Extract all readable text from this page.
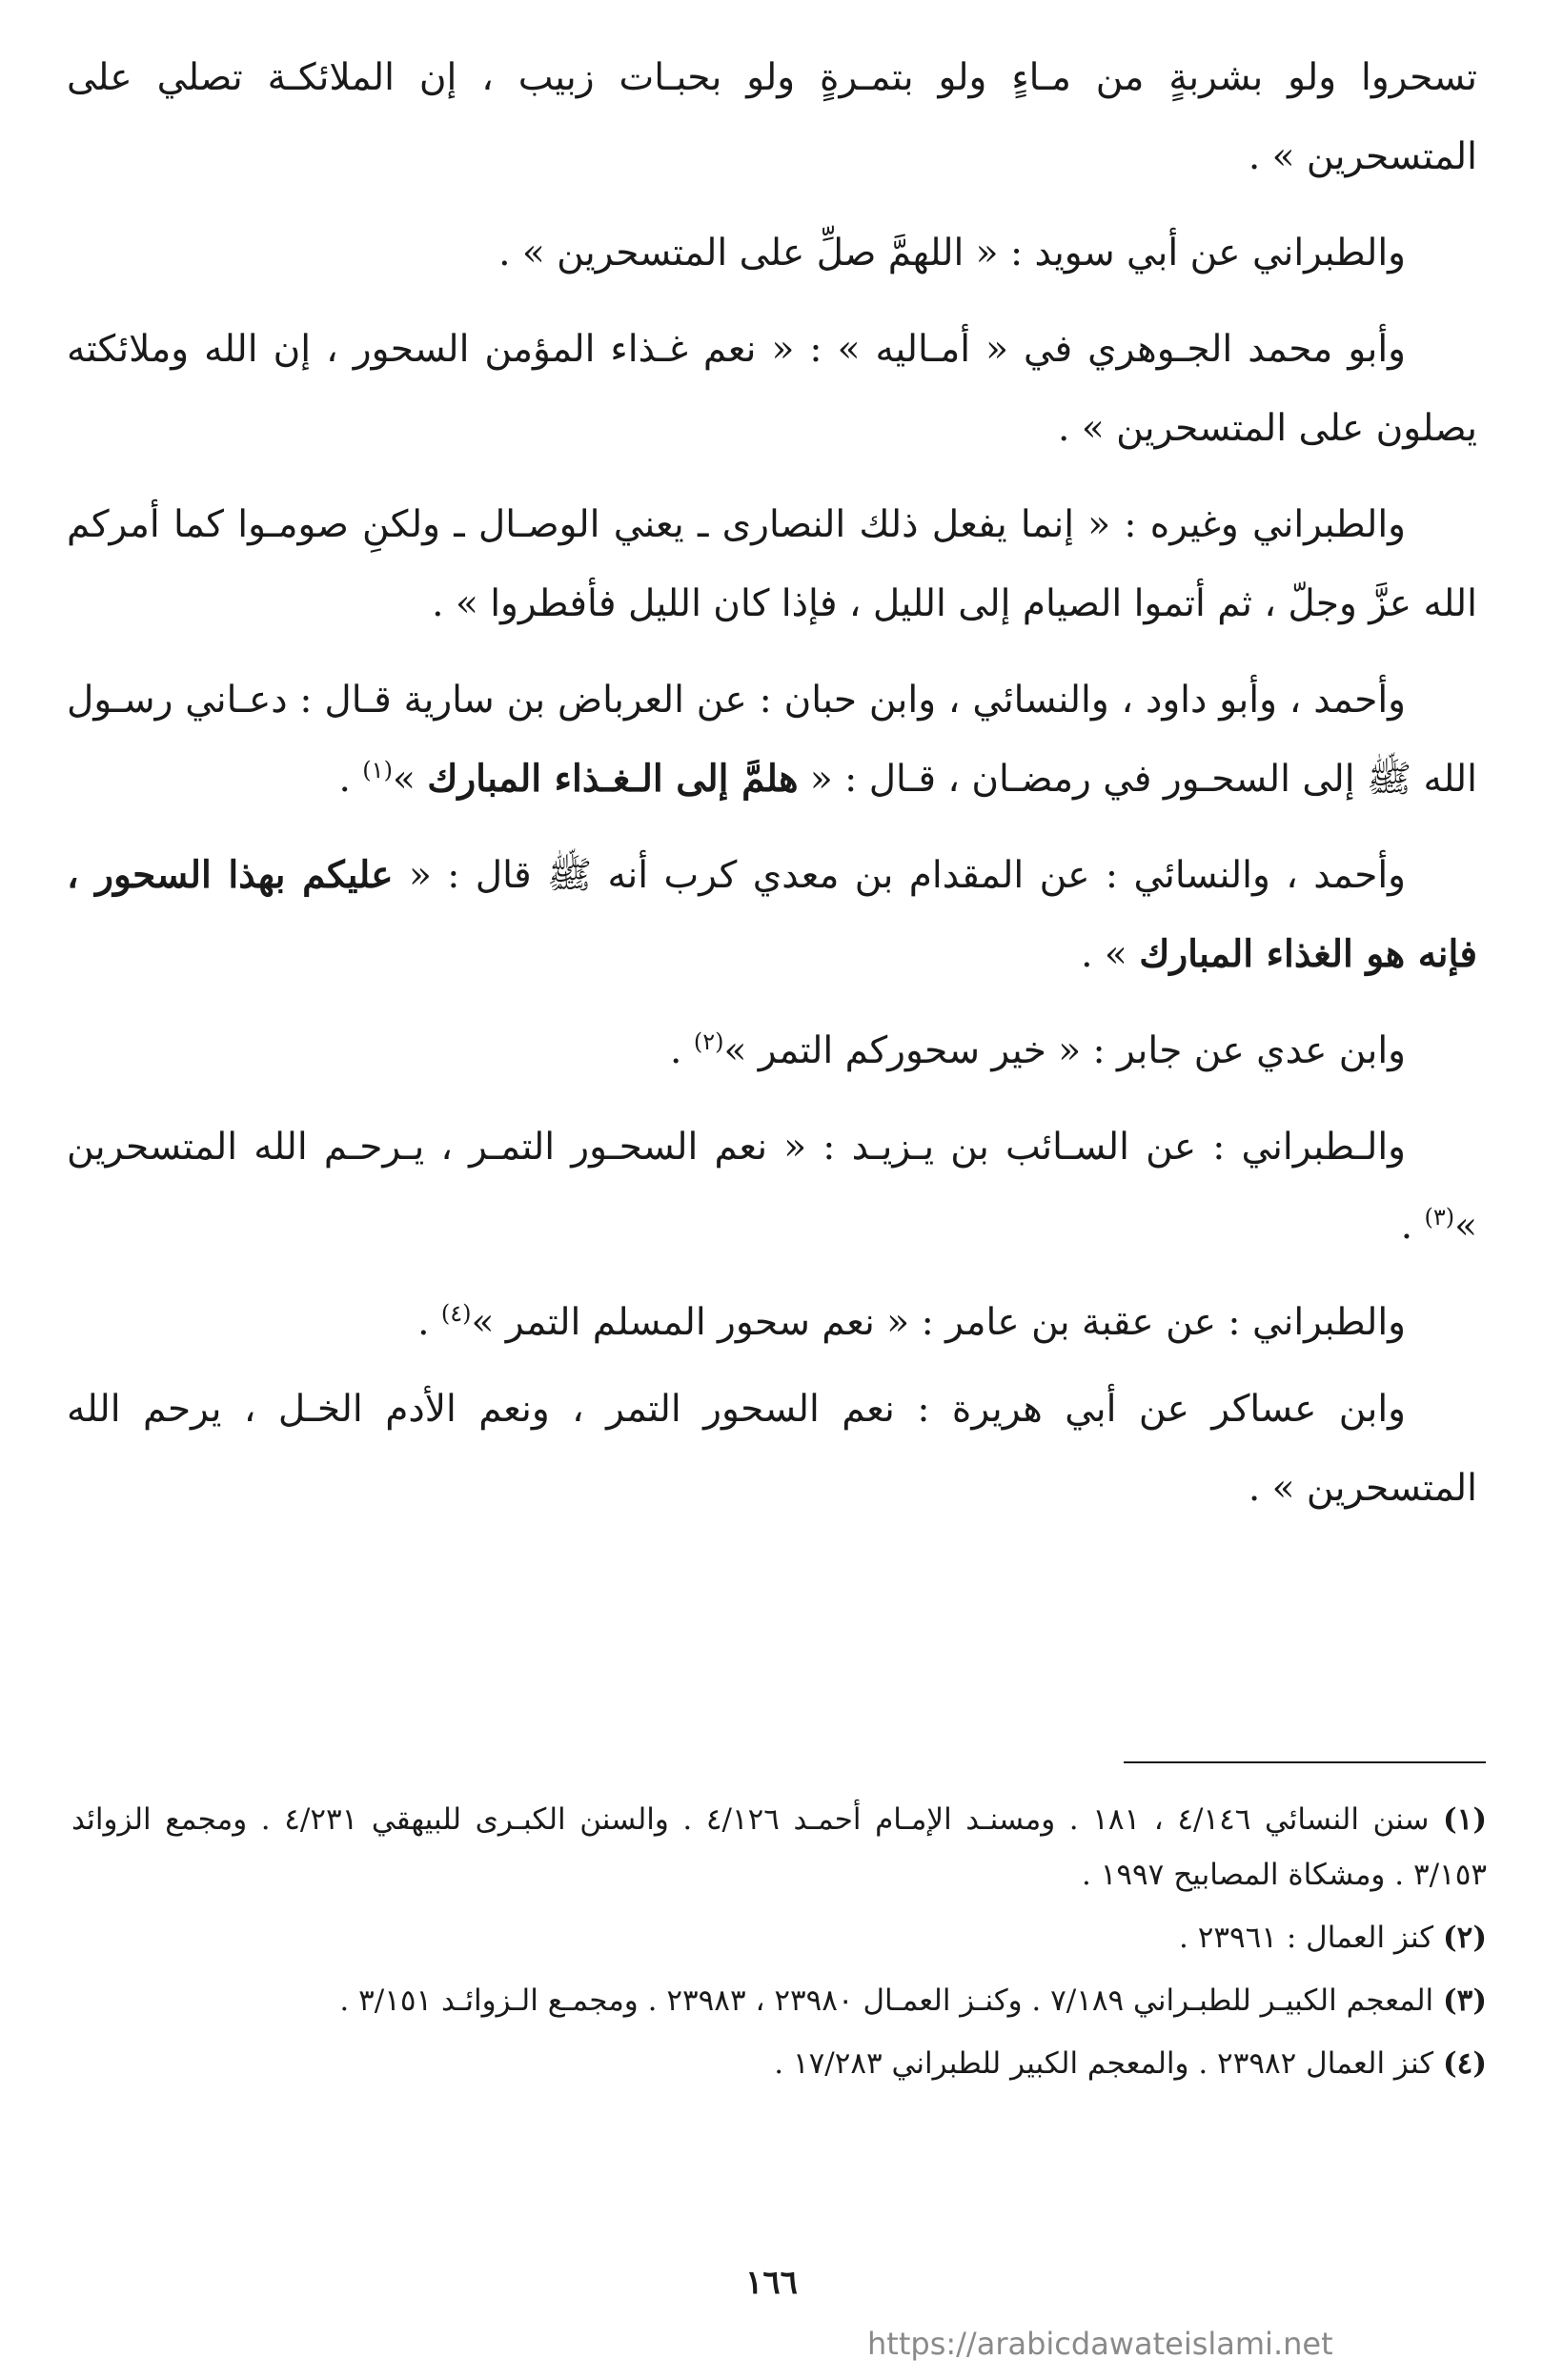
تسحروا ولو بشربةٍ من مـاءٍ ولو بتمـرةٍ ولو بحبـات زبيب ، إن الملائكـة تصلي على المتسحرين » .

والطبراني عن أبي سويد : « اللهمَّ صلِّ على المتسحرين » .

وأبو محمد الجـوهري في « أمـاليه » : « نعم غـذاء المؤمن السحور ، إن الله وملائكته يصلون على المتسحرين » .

والطبراني وغيره : « إنما يفعل ذلك النصارى ـ يعني الوصـال ـ ولكنِ صومـوا كما أمركم الله عزَّ وجلّ ، ثم أتموا الصيام إلى الليل ، فإذا كان الليل فأفطروا » .

وأحمد ، وأبو داود ، والنسائي ، وابن حبان : عن العرباض بن سارية قـال : دعـاني رسـول الله ﷺ إلى السحـور في رمضـان ، قـال : « هلمَّ إلى الـغـذاء المبارك »$^{(١)}$ .

وأحمد ، والنسائي : عن المقدام بن معدي كرب أنه ﷺ قال : « عليكم بهذا السحور ، فإنه هو الغذاء المبارك » .

وابن عدي عن جابر : « خير سحوركم التمر »$^{(٢)}$ .

والـطبراني : عن السـائب بن يـزيـد : « نعم السحـور التمـر ، يـرحـم الله المتسحرين »$^{(٣)}$ .

والطبراني : عن عقبة بن عامر : « نعم سحور المسلم التمر »$^{(٤)}$ .

وابن عساكر عن أبي هريرة : نعم السحور التمر ، ونعم الأدم الخـل ، يرحم الله المتسحرين » .

(١) سنن النسائي ٤/١٤٦ ، ١٨١ . ومسنـد الإمـام أحمـد ٤/١٢٦ . والسنن الكبـرى للبيهقي ٤/٢٣١ . ومجمع الزوائد ٣/١٥٣ . ومشكاة المصابيح ١٩٩٧ .

(٢) كنز العمال : ٢٣٩٦١ .

(٣) المعجم الكبيـر للطبـراني ٧/١٨٩ . وكنـز العمـال ٢٣٩٨٠ ، ٢٣٩٨٣ . ومجمـع الـزوائـد ٣/١٥١ .

(٤) كنز العمال ٢٣٩٨٢ . والمعجم الكبير للطبراني ١٧/٢٨٣ .

١٦٦
https://arabicdawateislami.net
